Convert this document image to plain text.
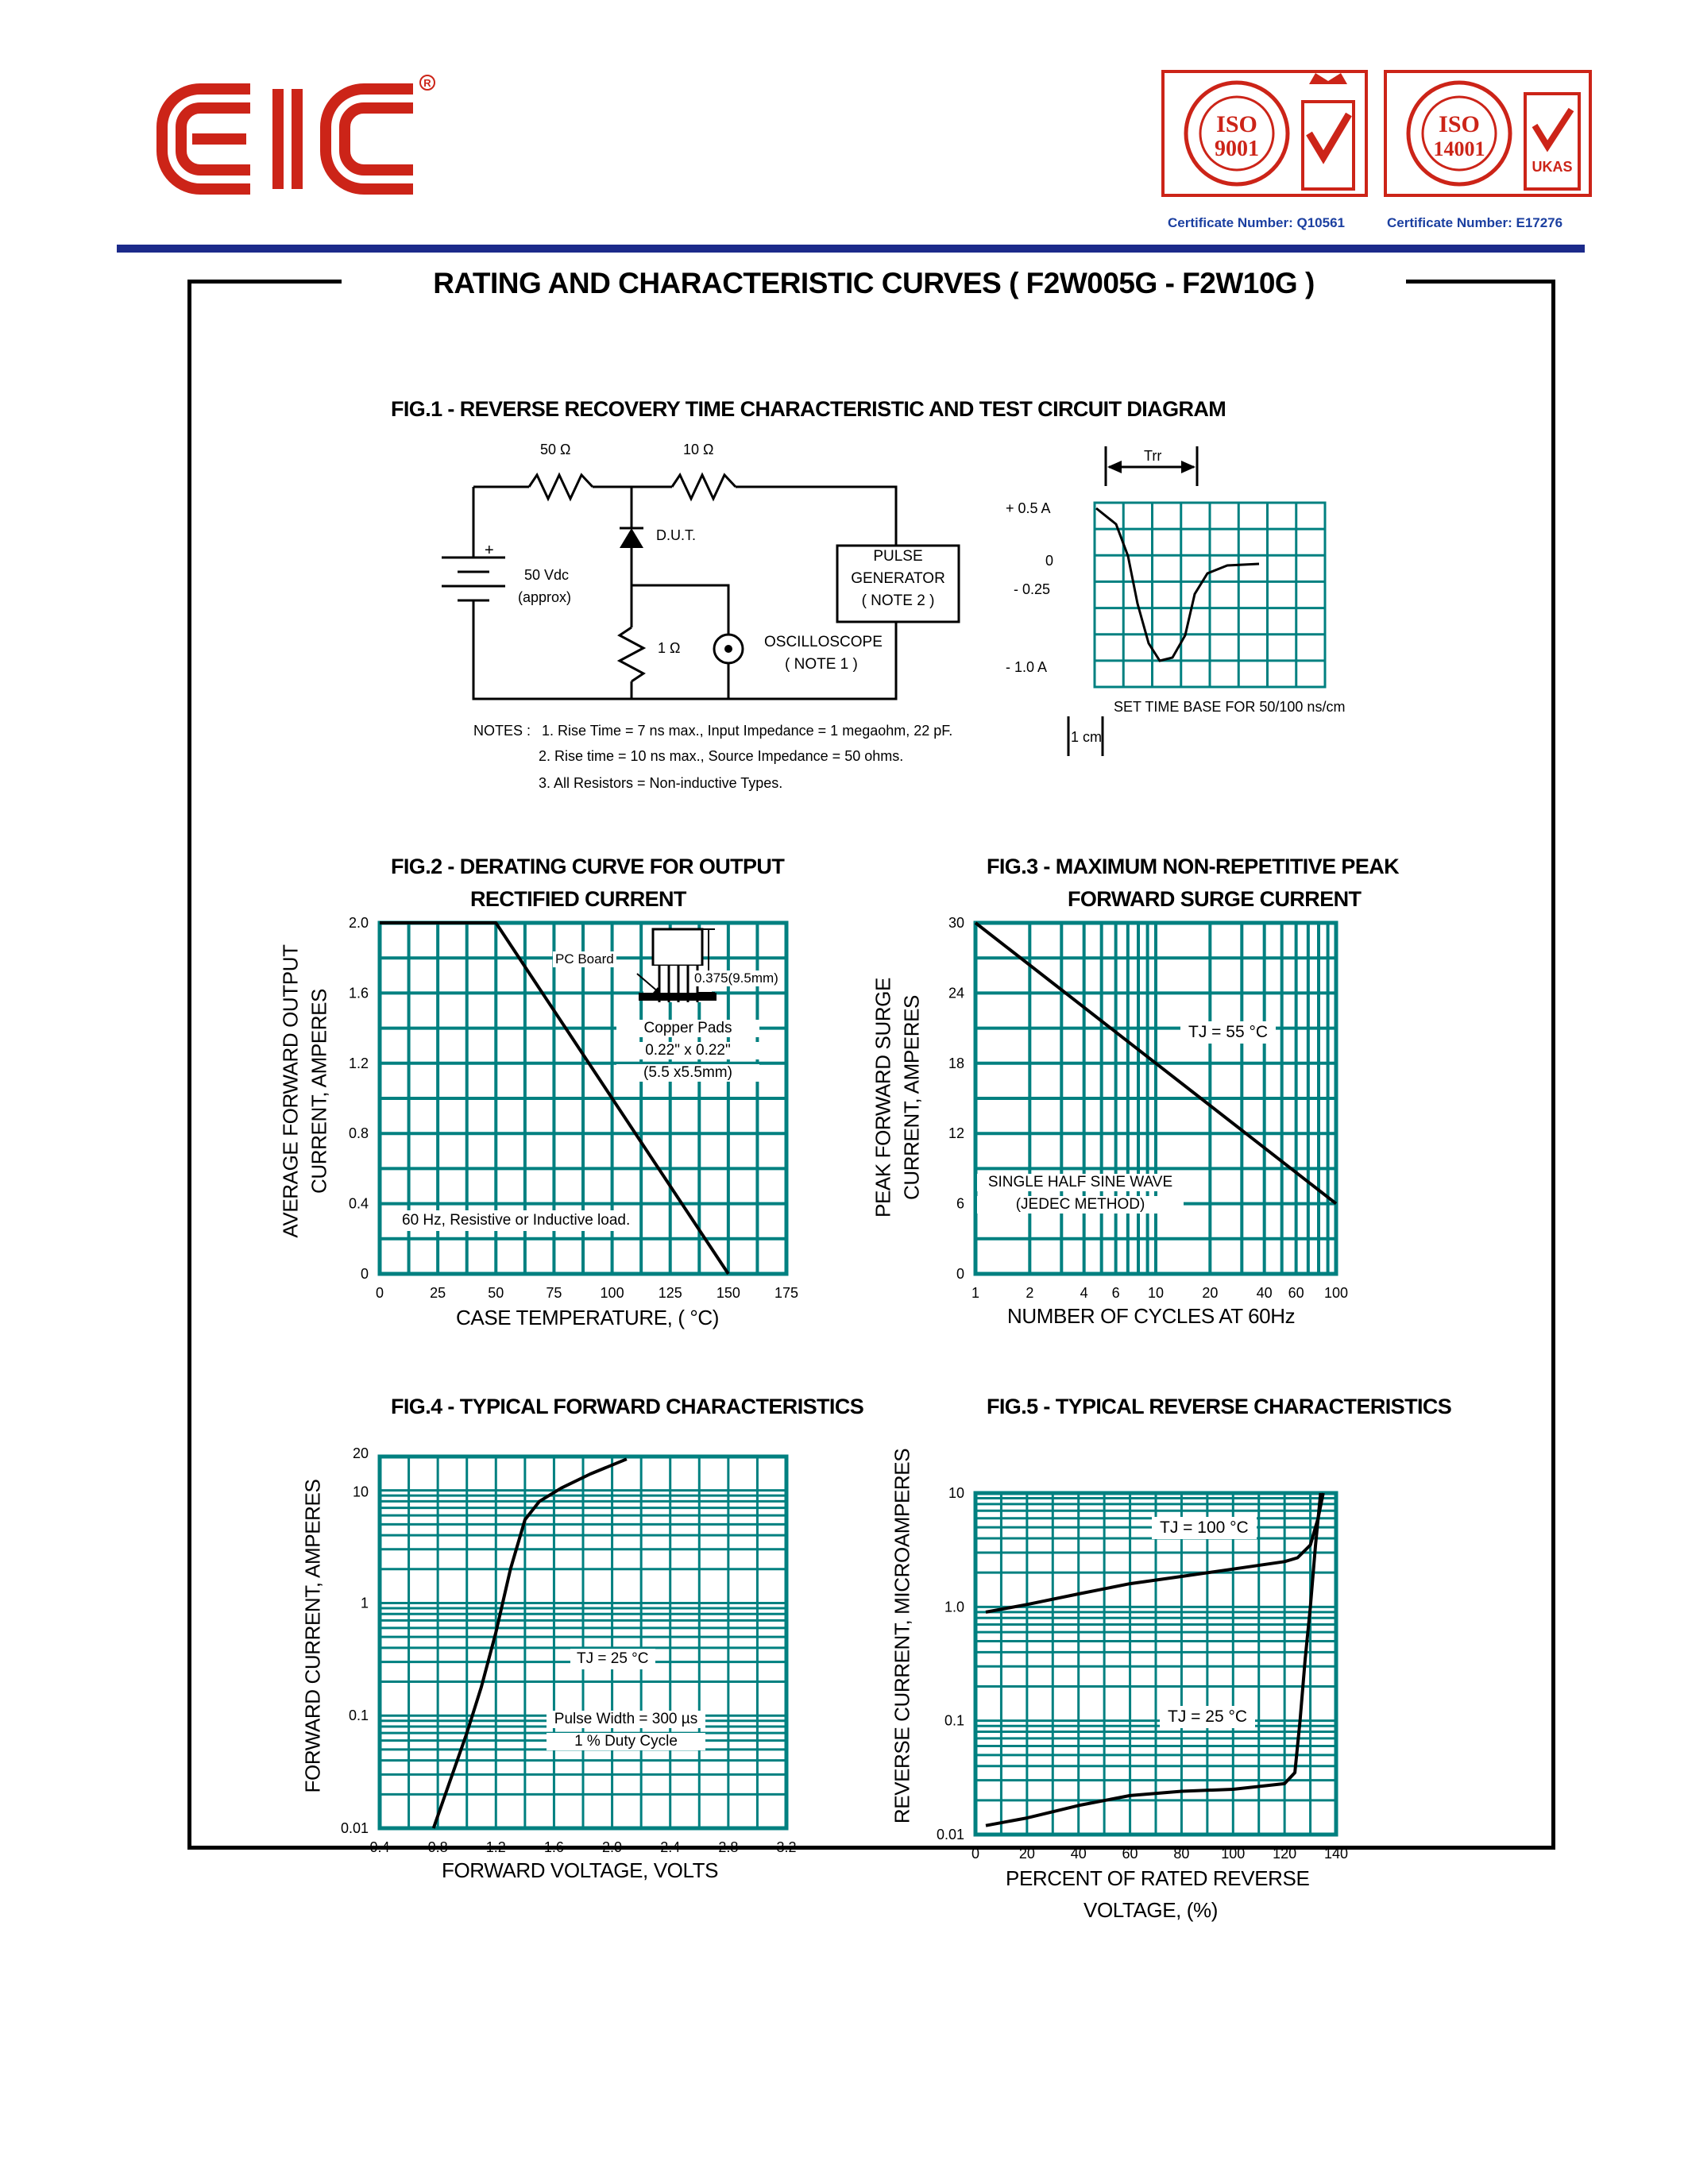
R
ISO
9001
Certificate Number: Q10561
ISO
14001
UKAS
Certificate Number: E17276
RATING AND CHARACTERISTIC CURVES ( F2W005G - F2W10G )
FIG.1 - REVERSE RECOVERY TIME CHARACTERISTIC AND TEST CIRCUIT DIAGRAM
FIG.2 - DERATING CURVE FOR OUTPUT
RECTIFIED CURRENT
FIG.3 - MAXIMUM NON-REPETITIVE PEAK
FORWARD SURGE CURRENT
FIG.4 - TYPICAL FORWARD CHARACTERISTICS	FIG.5 - TYPICAL REVERSE CHARACTERISTICS
0	25	50	75	100 125 150 175
0
0.4
0.8
1.2
1.6
2.0
1	2	4 6 10	20	40 60 100
0
6
12
18
24
30
0.4	0.8	1.2	1.6	2.0	2.4	2.8	3.2
0.01
0.1
1
10
20
0	20 40 60 80 100 120 140
0.01
0.1
1.0
10
50 Ω	10 Ω
D.U.T.
+
50 Vdc
(approx)
1 Ω
PULSE
GENERATOR
( NOTE 2 )
OSCILLOSCOPE
( NOTE 1 )
NOTES : 1. Rise Time = 7 ns max., Input Impedance = 1 megaohm, 22 pF.
2. Rise time = 10 ns max., Source Impedance = 50 ohms.
3. All Resistors = Non-inductive Types.
Trr
+ 0.5 A
0
- 0.25
- 1.0 A
SET TIME BASE FOR 50/100 ns/cm
1 cm
CASE TEMPERATURE, ( °C)	NUMBER OF CYCLES AT 60Hz
FORWARD VOLTAGE, VOLTS	PERCENT OF RATED REVERSE
VOLTAGE, (%)
AVERAGE FORWARD OUTPUT CURRENT, AMPERES	PEAK FORWARD SURGE CURRENT, AMPERES
FORWARD CURRENT, AMPERES	REVERSE CURRENT, MICROAMPERES
PC Board
0.375(9.5mm)
Copper Pads
0.22" x 0.22"
(5.5 x5.5mm)
60 Hz, Resistive or Inductive load.
TJ = 55 °C
SINGLE HALF SINE WAVE
(JEDEC METHOD)
TJ = 25 °C
Pulse Width = 300 µs
1 % Duty Cycle
TJ = 100 °C
TJ = 25 °C
